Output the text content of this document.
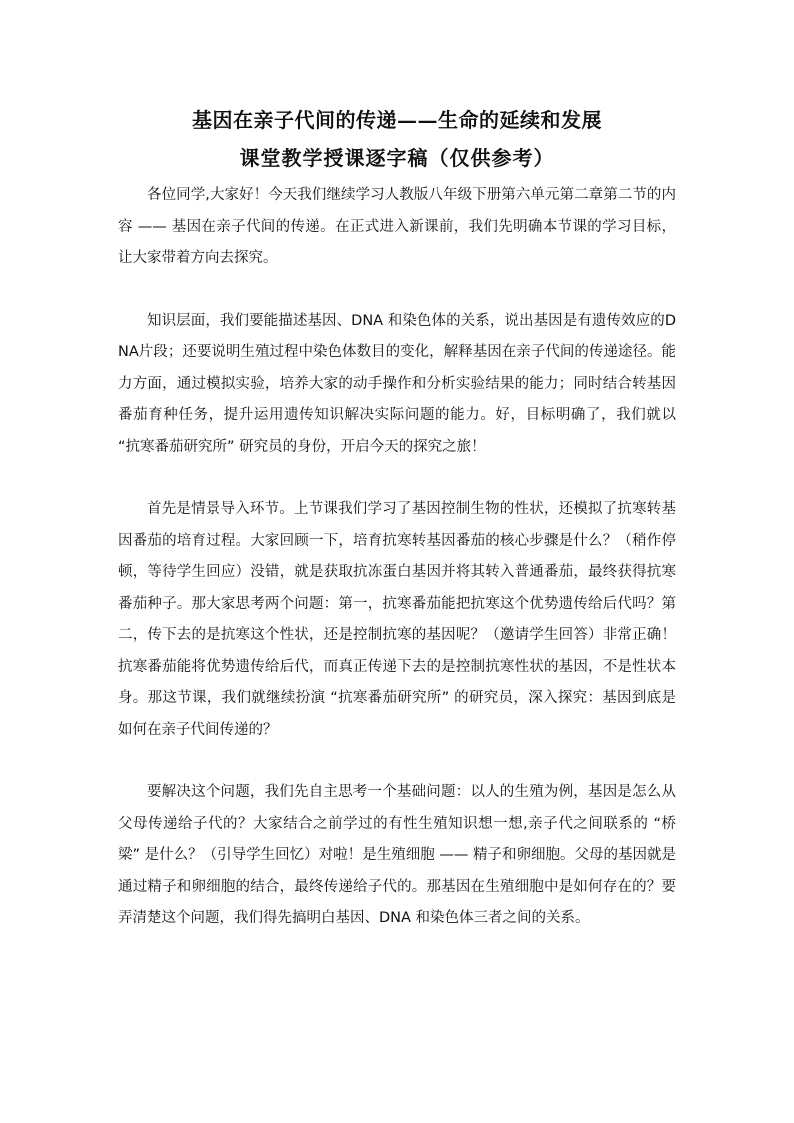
基因在亲子代间的传递——生命的延续和发展
课堂教学授课逐字稿（仅供参考）

各位同学,大家好！今天我们继续学习人教版八年级下册第六单元第二章第二节的内容 —— 基因在亲子代间的传递。在正式进入新课前，我们先明确本节课的学习目标，让大家带着方向去探究。

知识层面，我们要能描述基因、DNA 和染色体的关系，说出基因是有遗传效应的DNA片段；还要说明生殖过程中染色体数目的变化，解释基因在亲子代间的传递途径。能力方面，通过模拟实验，培养大家的动手操作和分析实验结果的能力；同时结合转基因番茄育种任务，提升运用遗传知识解决实际问题的能力。好，目标明确了，我们就以 “抗寒番茄研究所” 研究员的身份，开启今天的探究之旅！

首先是情景导入环节。上节课我们学习了基因控制生物的性状，还模拟了抗寒转基因番茄的培育过程。大家回顾一下，培育抗寒转基因番茄的核心步骤是什么？（稍作停顿，等待学生回应）没错，就是获取抗冻蛋白基因并将其转入普通番茄，最终获得抗寒番茄种子。那大家思考两个问题：第一，抗寒番茄能把抗寒这个优势遗传给后代吗？第二，传下去的是抗寒这个性状，还是控制抗寒的基因呢？（邀请学生回答）非常正确！抗寒番茄能将优势遗传给后代，而真正传递下去的是控制抗寒性状的基因，不是性状本身。那这节课，我们就继续扮演 “抗寒番茄研究所” 的研究员，深入探究：基因到底是如何在亲子代间传递的？

要解决这个问题，我们先自主思考一个基础问题：以人的生殖为例，基因是怎么从父母传递给子代的？大家结合之前学过的有性生殖知识想一想,亲子代之间联系的 “桥梁” 是什么？（引导学生回忆）对啦！是生殖细胞 —— 精子和卵细胞。父母的基因就是通过精子和卵细胞的结合，最终传递给子代的。那基因在生殖细胞中是如何存在的？要弄清楚这个问题，我们得先搞明白基因、DNA 和染色体三者之间的关系。
